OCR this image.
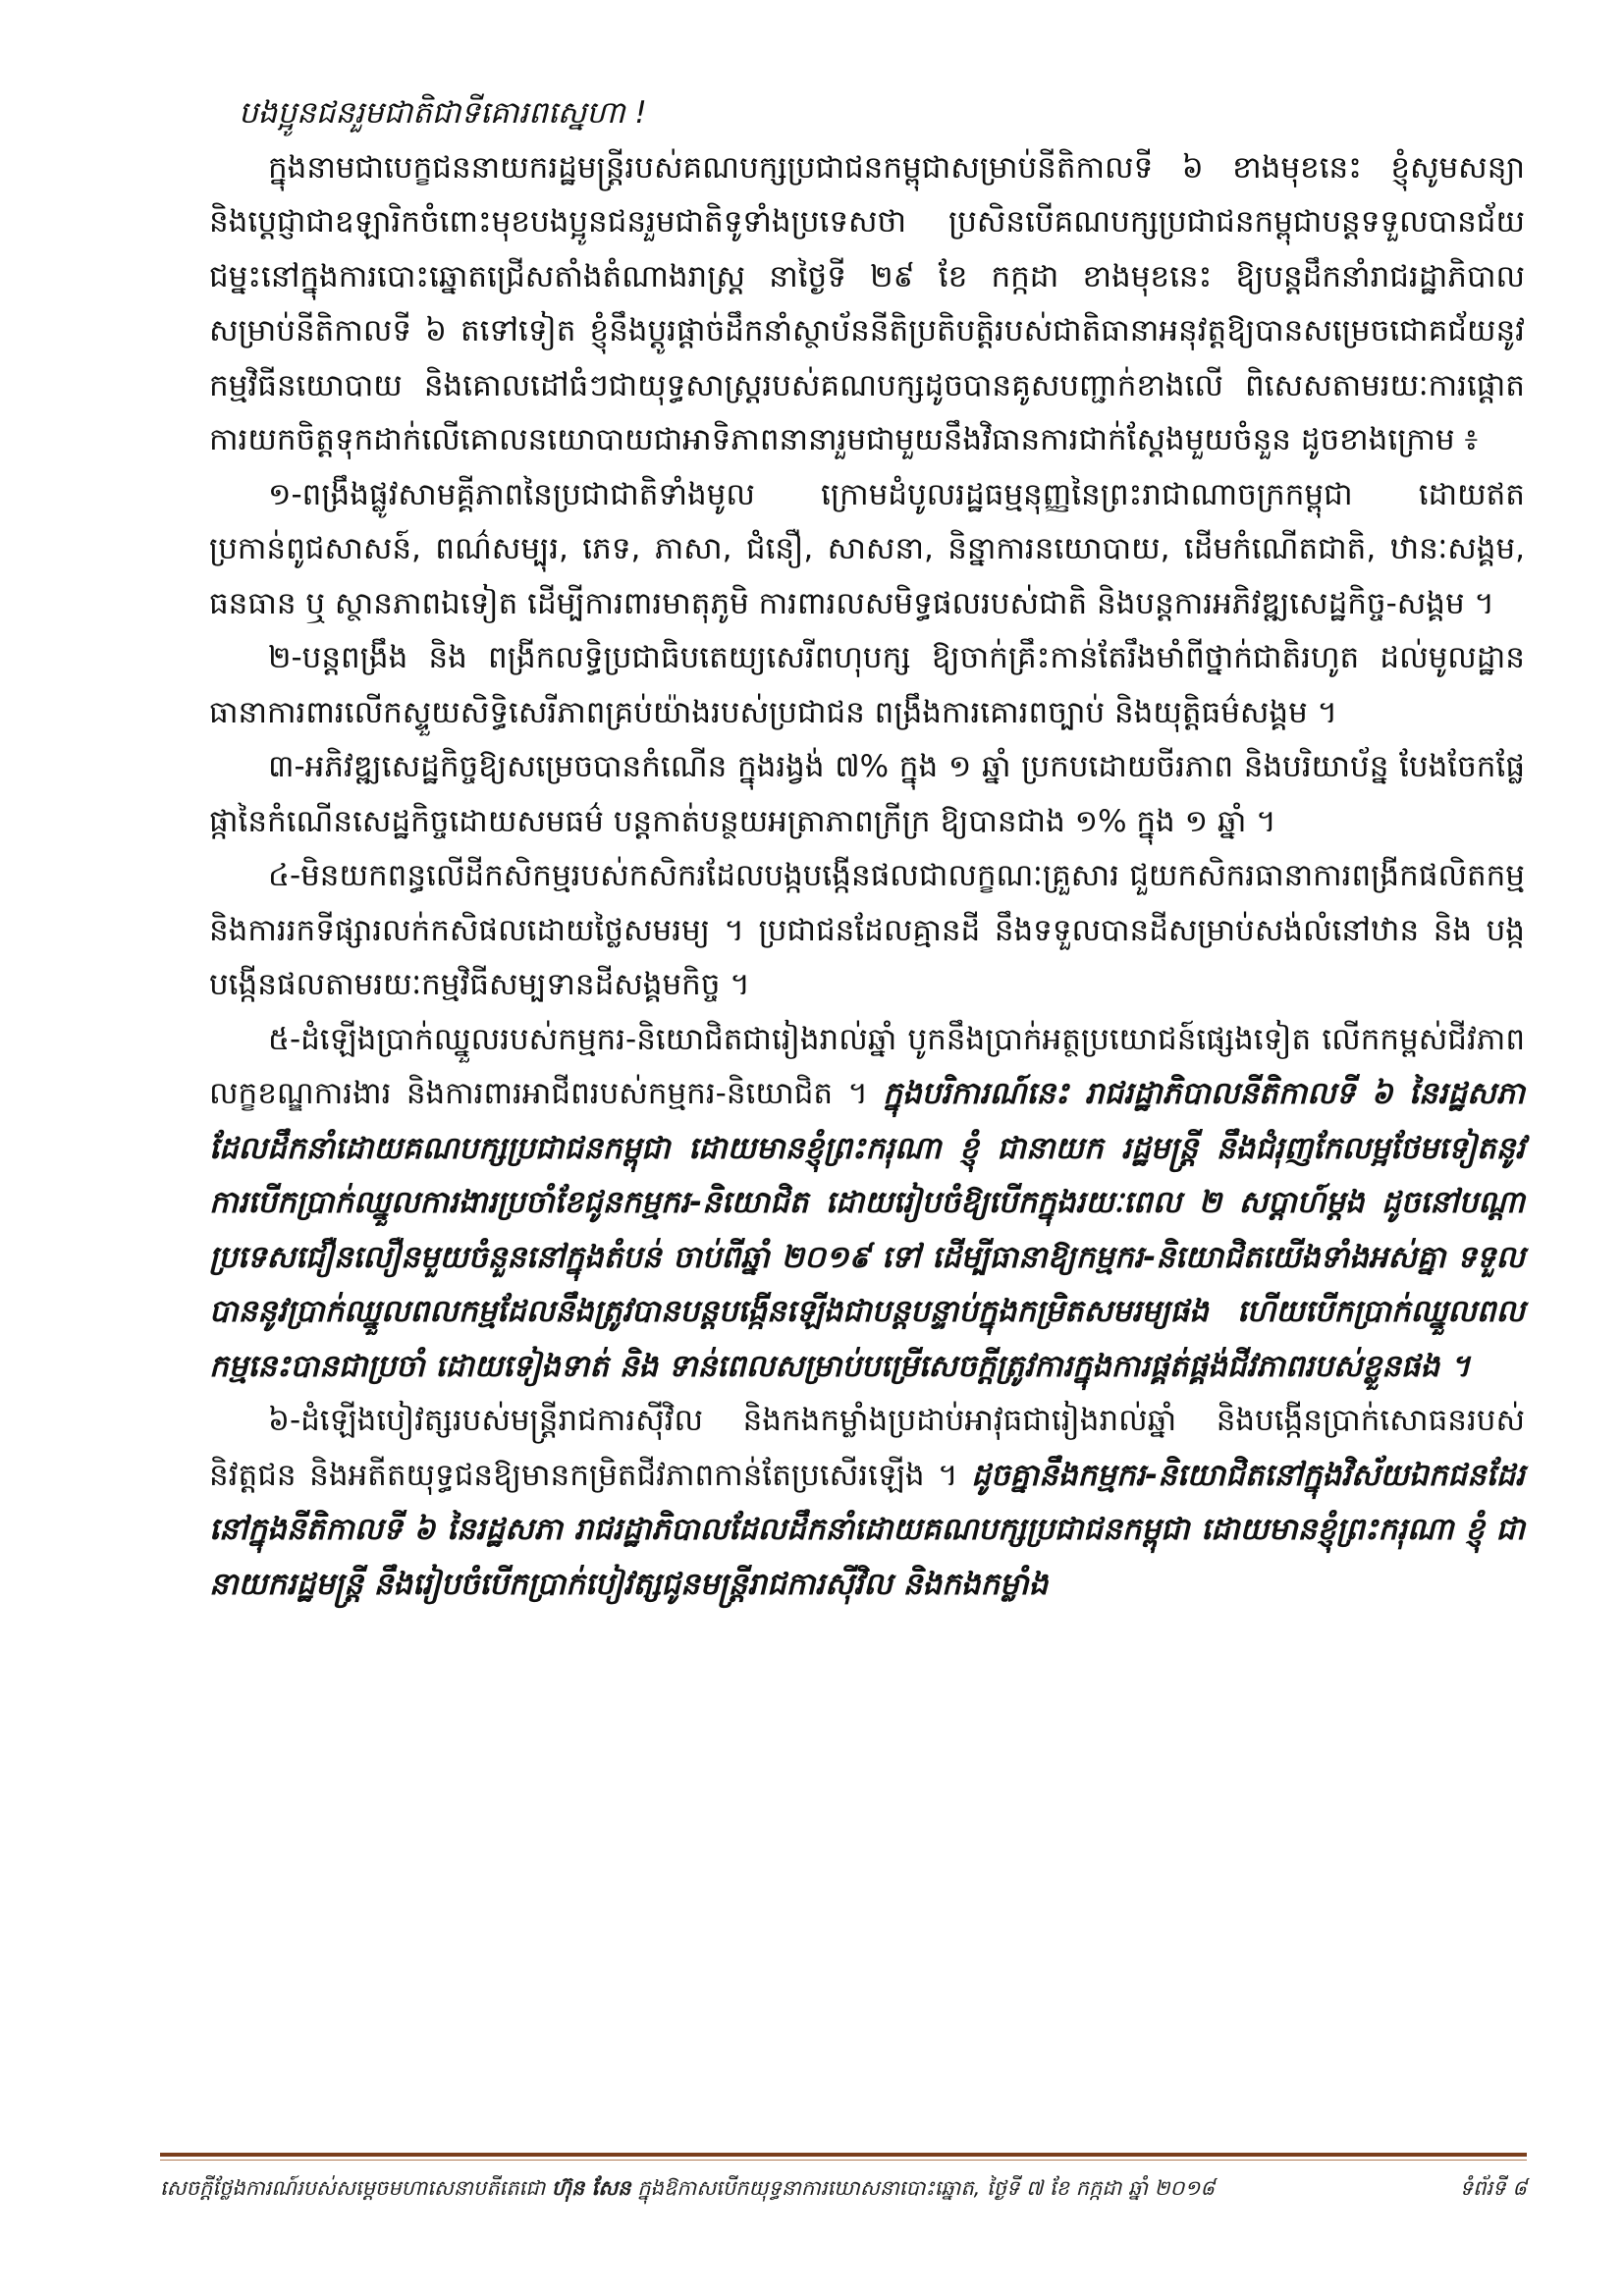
បងប្អូនជនរួមជាតិជាទីគោរពស្នេហា !

ក្នុងនាមជាបេក្ខជននាយករដ្ឋមន្ត្រីរបស់គណបក្សប្រជាជនកម្ពុជាសម្រាប់នីតិកាលទី ៦ ខាងមុខនេះ ខ្ញុំសូមសន្យា និងប្តេជ្ញាជាឧឡារិកចំពោះមុខបងប្អូនជនរួមជាតិទូទាំងប្រទេសថា ប្រសិនបើគណបក្សប្រជាជនកម្ពុជាបន្តទទួលបានជ័យជម្នះនៅក្នុងការបោះឆ្នោតជ្រើសតាំងតំណាងរាស្ត្រ នាថ្ងៃទី ២៩ ខែ កក្កដា ខាងមុខនេះ ឱ្យបន្តដឹកនាំរាជរដ្ឋាភិបាលសម្រាប់នីតិកាលទី ៦ តទៅទៀត ខ្ញុំនឹងប្តូរផ្តាច់ដឹកនាំស្ថាប័ននីតិប្រតិបត្តិរបស់ជាតិធានាអនុវត្តឱ្យបានសម្រេចជោគជ័យនូវកម្មវិធីនយោបាយ និងគោលដៅធំៗជាយុទ្ធសាស្ត្ររបស់គណបក្សដូចបានគូសបញ្ជាក់ខាងលើ ពិសេសតាមរយៈការផ្តោតការយកចិត្តទុកដាក់លើគោលនយោបាយជាអាទិភាពនានារួមជាមួយនឹងវិធានការជាក់ស្តែងមួយចំនួន ដូចខាងក្រោម ៖

១-ពង្រឹងផ្លូវសាមគ្គីភាពនៃប្រជាជាតិទាំងមូល ក្រោមដំបូលរដ្ឋធម្មនុញ្ញនៃព្រះរាជាណាចក្រកម្ពុជា ដោយឥតប្រកាន់ពូជសាសន៍, ពណ៌សម្បុរ, ភេទ, ភាសា, ជំនឿ, សាសនា, និន្នាការនយោបាយ, ដើមកំណើតជាតិ, ឋានៈសង្គម, ធនធាន ឬ ស្ថានភាពឯទៀត ដើម្បីការពារមាតុភូមិ ការពារលសមិទ្ធផលរបស់ជាតិ និងបន្តការអភិវឌ្ឍសេដ្ឋកិច្ច-សង្គម ។

២-បន្តពង្រឹង និង ពង្រីកលទ្ធិប្រជាធិបតេយ្យសេរីពហុបក្ស ឱ្យចាក់គ្រឹះកាន់តែរឹងមាំពីថ្នាក់ជាតិរហូត ដល់មូលដ្ឋាន ធានាការពារលើកស្ទួយសិទ្ធិសេរីភាពគ្រប់យ៉ាងរបស់ប្រជាជន ពង្រឹងការគោរពច្បាប់ និងយុត្តិធម៌សង្គម ។

៣-អភិវឌ្ឍសេដ្ឋកិច្ចឱ្យសម្រេចបានកំណើន ក្នុងរង្វង់ ៧% ក្នុង ១ ឆ្នាំ ប្រកបដោយចីរភាព និងបរិយាប័ន្ន បែងចែកផ្លែផ្កានៃកំណើនសេដ្ឋកិច្ចដោយសមធម៌ បន្តកាត់បន្ថយអត្រាភាពក្រីក្រ ឱ្យបានជាង ១% ក្នុង ១ ឆ្នាំ ។

៤-មិនយកពន្ធលើដីកសិកម្មរបស់កសិករដែលបង្កបង្កើនផលជាលក្ខណៈគ្រួសារ ជួយកសិករធានាការពង្រីកផលិតកម្ម និងការរកទីផ្សារលក់កសិផលដោយថ្លៃសមរម្យ ។ ប្រជាជនដែលគ្មានដី នឹងទទួលបានដីសម្រាប់សង់លំនៅឋាន និង បង្កបង្កើនផលតាមរយៈកម្មវិធីសម្បទានដីសង្គមកិច្ច ។

៥-ដំឡើងប្រាក់ឈ្នួលរបស់កម្មករ-និយោជិតជារៀងរាល់ឆ្នាំ បូកនឹងប្រាក់អត្ថប្រយោជន៍ផ្សេងទៀត លើកកម្ពស់ជីវភាព លក្ខខណ្ឌការងារ និងការពារអាជីពរបស់កម្មករ-និយោជិត ។ ក្នុងបរិការណ៍នេះ រាជរដ្ឋាភិបាលនីតិកាលទី ៦ នៃរដ្ឋសភា ដែលដឹកនាំដោយគណបក្សប្រជាជនកម្ពុជា ដោយមានខ្ញុំព្រះករុណា ខ្ញុំ ជានាយក រដ្ឋមន្ត្រី នឹងជំរុញកែលម្អថែមទៀតនូវការបើកប្រាក់ឈ្នួលការងារប្រចាំខែជូនកម្មករ-និយោជិត ដោយរៀបចំឱ្យបើកក្នុងរយៈពេល ២ សប្តាហ៍ម្តង ដូចនៅបណ្តាប្រទេសជឿនលឿនមួយចំនួននៅក្នុងតំបន់ ចាប់ពីឆ្នាំ ២០១៩ ទៅ ដើម្បីធានាឱ្យកម្មករ-និយោជិតយើងទាំងអស់គ្នា ទទួលបាននូវប្រាក់ឈ្នួលពលកម្មដែលនឹងត្រូវបានបន្តបង្កើនឡើងជាបន្តបន្ទាប់ក្នុងកម្រិតសមរម្យផង ហើយបើកប្រាក់ឈ្នួលពលកម្មនេះបានជាប្រចាំ ដោយទៀងទាត់ និង ទាន់ពេលសម្រាប់បម្រើសេចក្តីត្រូវការក្នុងការផ្គត់ផ្គង់ជីវភាពរបស់ខ្លួនផង ។

៦-ដំឡើងបៀវត្សរបស់មន្ត្រីរាជការស៊ីវិល និងកងកម្លាំងប្រដាប់អាវុធជារៀងរាល់ឆ្នាំ និងបង្កើនប្រាក់សោធនរបស់និវត្តជន និងអតីតយុទ្ធជនឱ្យមានកម្រិតជីវភាពកាន់តែប្រសើរឡើង ។ ដូចគ្នានឹងកម្មករ-និយោជិតនៅក្នុងវិស័យឯកជនដែរ នៅក្នុងនីតិកាលទី ៦ នៃរដ្ឋសភា រាជរដ្ឋាភិបាលដែលដឹកនាំដោយគណបក្សប្រជាជនកម្ពុជា ដោយមានខ្ញុំព្រះករុណា ខ្ញុំ ជានាយករដ្ឋមន្ត្រី នឹងរៀបចំបើកប្រាក់បៀវត្សជូនមន្ត្រីរាជការស៊ីវិល និងកងកម្លាំង

សេចក្តីថ្លែងការណ៍របស់សម្តេចមហាសេនាបតីតេជោ ហ៊ុន សែន ក្នុងឱកាសបើកយុទ្ធនាការឃោសនាបោះឆ្នោត, ថ្ងៃទី ៧ ខែ កក្កដា ឆ្នាំ ២០១៨	ទំព័រទី ៨
